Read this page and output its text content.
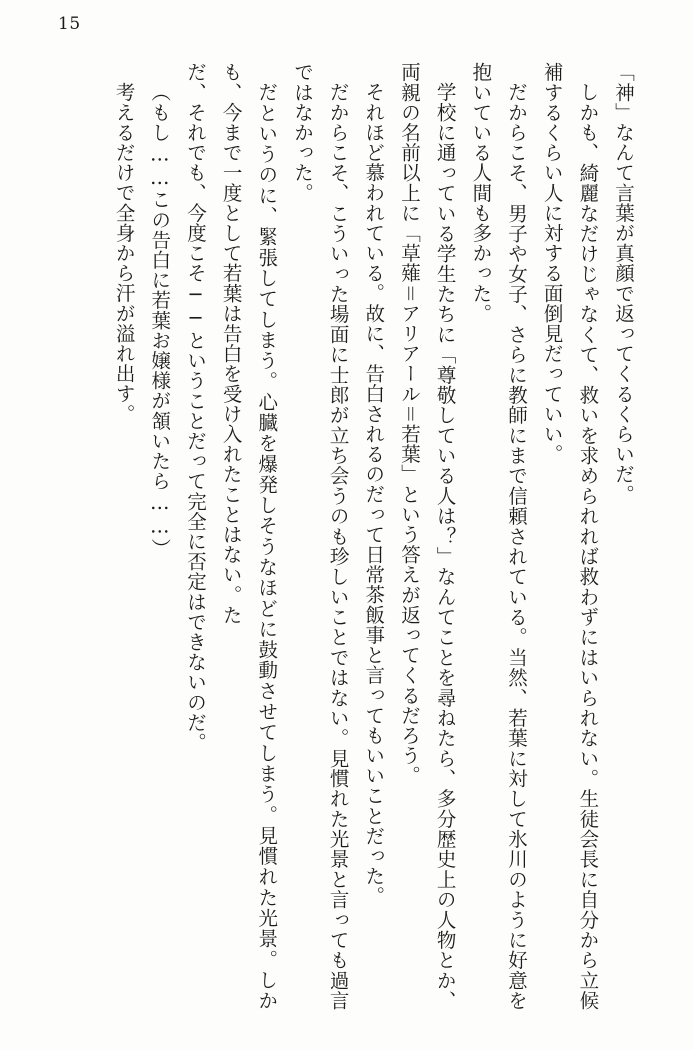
15

「神」なんて言葉が真顔で返ってくるくらいだ。

しかも、綺麗なだけじゃなくて、救いを求められれば救わずにはいられない。生徒会長に自分から立候補するくらい人に対する面倒見だっていい。

だからこそ、男子や女子、さらに教師にまで信頼されている。当然、若葉に対して氷川のように好意を抱いている人間も多かった。

学校に通っている学生たちに「尊敬している人は？」なんてことを尋ねたら、多分歴史上の人物とか、両親の名前以上に「草薙＝アリアール＝若葉」という答えが返ってくるだろう。

それほど慕われている。故に、告白されるのだって日常茶飯事と言ってもいいことだった。

だからこそ、こういった場面に士郎が立ち会うのも珍しいことではない。見慣れた光景と言っても過言ではなかった。

だというのに、緊張してしまう。心臓を爆発しそうなほどに鼓動させてしまう。見慣れた光景。しかも、今まで一度として若葉は告白を受け入れたことはない。た

だ、それでも、今度こそ──ということだって完全に否定はできないのだ。

（もし……この告白に若葉お嬢様が頷いたら……）

考えるだけで全身から汗が溢れ出す。
